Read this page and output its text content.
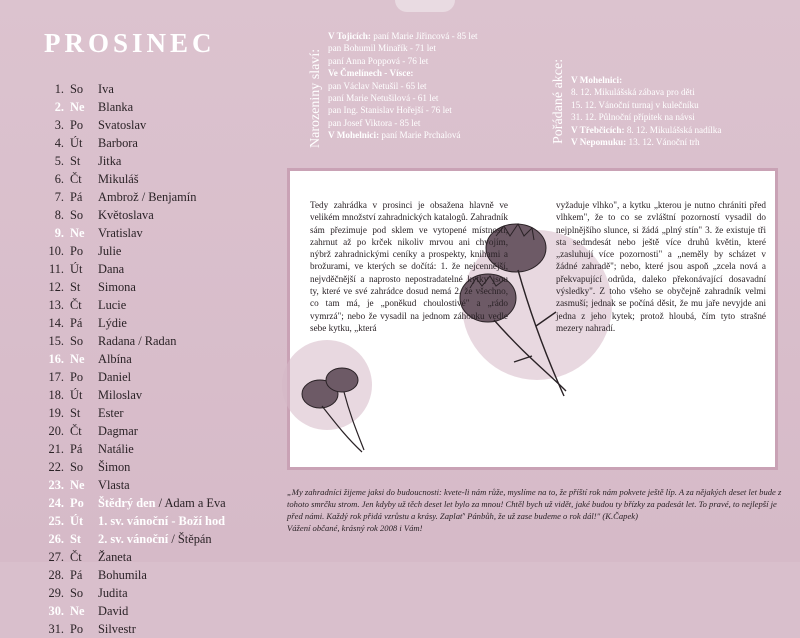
PROSINEC
1. So	Iva
2. Ne	Blanka
3. Po	Svatoslav
4. Út	Barbora
5. St	Jitka
6. Čt	Mikuláš
7. Pá	Ambrož / Benjamín
8. So	Květoslava
9. Ne	Vratislav
10. Po	Julie
11. Út	Dana
12. St	Simona
13. Čt	Lucie
14. Pá	Lýdie
15. So	Radana / Radan
16. Ne	Albína
17. Po	Daniel
18. Út	Miloslav
19. St	Ester
20. Čt	Dagmar
21. Pá	Natálie
22. So	Šimon
23. Ne	Vlasta
24. Po	Štědrý den / Adam a Eva
25. Út	1. sv. vánoční - Boží hod
26. St	2. sv. vánoční / Štěpán
27. Čt	Žaneta
28. Pá	Bohumila
29. So	Judita
30. Ne	David
31. Po	Silvestr
Narozeniny slaví:
V Tojicích: paní Marie Jiřincová - 85 let
pan Bohumil Minařík - 71 let
paní Anna Poppová - 76 let
Ve Čmelínech - Vísce:
pan Václav Netušil - 65 let
paní Marie Netušilová - 61 let
pan Ing. Stanislav Hořejší - 76 let
pan Josef Viktora - 85 let
V Mohelnici: paní Marie Prchalová	Pořádané akce: V Mohelnici:
8. 12. Mikulášská zábava pro děti
15. 12. Vánoční turnaj v kulečníku
31. 12. Půlnoční přípitek na návsi
V Třebčicích: 8. 12. Mikulášská nadílka
V Nepomuku: 13. 12. Vánoční trh
Tedy zahrádka v prosinci je obsažena hlavně ve velikém množství zahradnických katalogů. Zahradník sám přezimuje pod sklem ve vytopené místnosti, zahrnut až po krček nikoliv mrvou ani chvojím, nýbrž zahradnickými ceníky a prospekty, knihami a brožurami, ve kterých se dočítá: 1. že nejcennější, nejvděčnější a naprosto nepostradatelné kytky jsou ty, které ve své zahrádce dosud nemá 2. že všechno, co tam má, je „poněkud choulostivé" a „rádo vymrzá"; nebo že vysadil na jednom záhonku vedle sebe kytku, „která
vyžaduje vlhko", a kytku „kterou je nutno chrániti před vlhkem", že to co se zvláštní pozorností vysadil do nejplnějšího slunce, si žádá „plný stín" 3. že existuje tři sta sedmdesát nebo ještě více druhů květin, které „zasluhují více pozornosti" a „neměly by scházet v žádné zahradě"; nebo, které jsou aspoň „zcela nová a překvapující odrůda, daleko překonávající dosavadní výsledky". Z toho všeho se obyčejně zahradník velmi zasmuší; jednak se počíná děsit, že mu jaře nevyjde ani jedna z jeho kytek; protož hloubá, čím tyto strašné mezery nahradí.
„My zahradníci žijeme jaksi do budoucnosti: kvete-li nám růže, myslíme na to, že příští rok nám pokvete ještě líp. A za nějakých deset let bude z tohoto smrčku strom. Jen kdyby už těch deset let bylo za mnou! Chtěl bych už vidět, jaké budou ty břízky za padesát let. To pravé, to nejlepší je před námi. Každý rok přidá vzrůstu a krásy. Zaplať' Pánbůh, že už zase budeme o rok dál!" (K.Čapek)
Vážení občané, krásný rok 2008 i Vám!
